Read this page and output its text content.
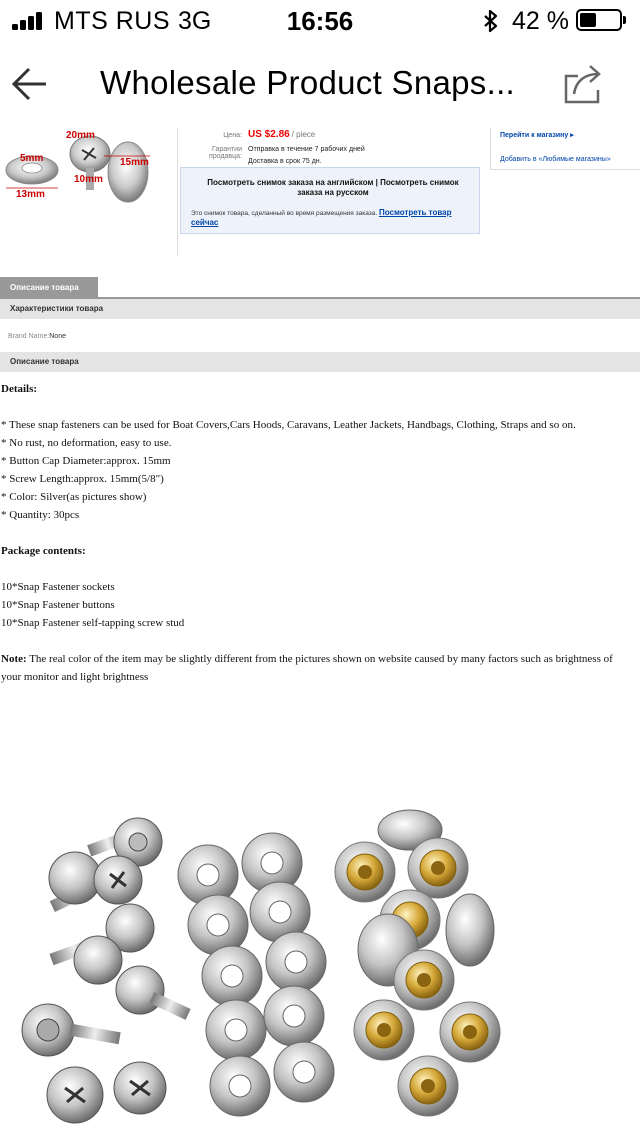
MTS RUS 3G	16:56	42 %
Wholesale Product Snaps...
5mm
20mm
13mm
10mm
15mm
Цена: US $2.86 / piece
Гарантии продавца:
Отправка в течение 7 рабочих дней
Доставка в срок 75 дн.
Посмотреть снимок заказа на английском | Посмотреть снимок заказа на русском
Это снимок товара, сделанный во время размещения заказа. Посмотреть товар сейчас
Перейти к магазину ▸
Добавить в «Любимые магазины»
Описание товара
Характеристики товара
Brand Name:None
Описание товара

Details:

* These snap fasteners can be used for Boat Covers,Cars Hoods, Caravans, Leather Jackets, Handbags, Clothing, Straps and so on.

* No rust, no deformation, easy to use.

* Button Cap Diameter:approx. 15mm

* Screw Length:approx. 15mm(5/8")

* Color: Silver(as pictures show)

* Quantity: 30pcs

Package contents:

10*Snap Fastener sockets

10*Snap Fastener buttons

10*Snap Fastener self-tapping screw stud

Note: The real color of the item may be slightly different from the pictures shown on website caused by many factors such as brightness of your monitor and light brightness
